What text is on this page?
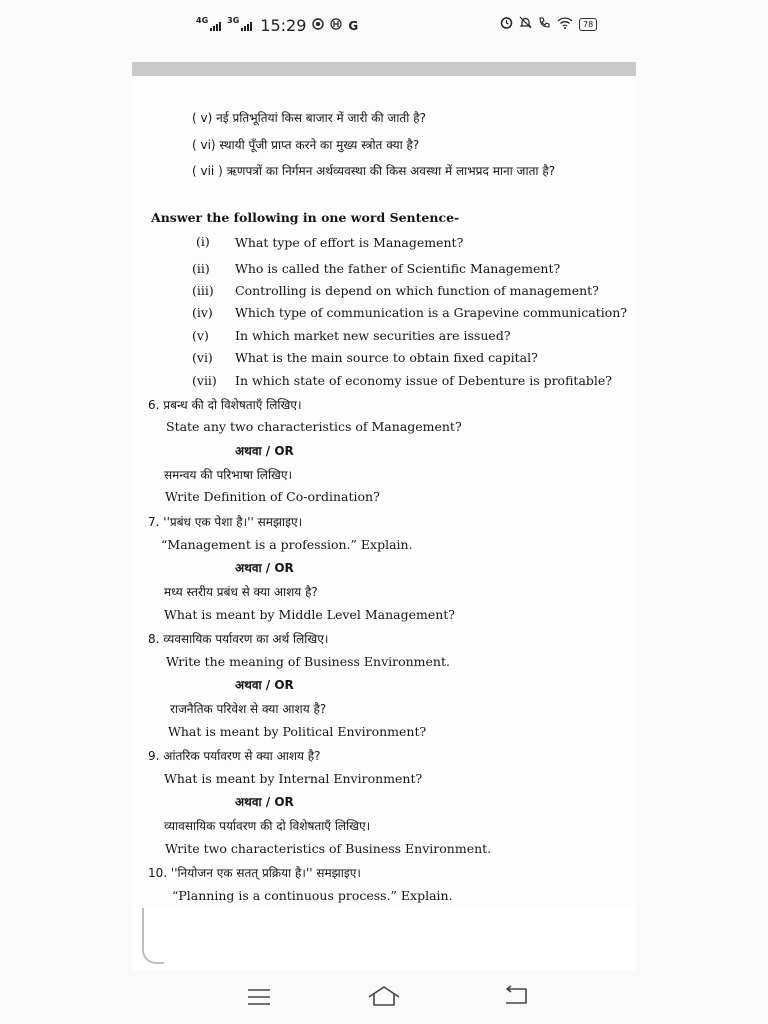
4G 3G 15:29	G	78
( v) नई प्रतिभूतियां किस बाजार में जारी की जाती है?
( vi) स्थायी पूँजी प्राप्त करने का मुख्य स्त्रोत क्या है?
( vii ) ऋणपत्रों का निर्गमन अर्थव्यवस्था की किस अवस्था में लाभप्रद माना जाता है?
Answer the following in one word Sentence-
(i) What type of effort is Management?
(ii) Who is called the father of Scientific Management?
(iii) Controlling is depend on which function of management?
(iv) Which type of communication is a Grapevine communication?
(v) In which market new securities are issued?
(vi) What is the main source to obtain fixed capital?
(vii) In which state of economy issue of Debenture is profitable?
6. प्रबन्ध की दो विशेषताएँ लिखिए।
State any two characteristics of Management?
अथवा / OR
समन्वय की परिभाषा लिखिए।
Write Definition of Co-ordination?
7. ''प्रबंध एक पेशा है।'' समझाइए।
“Management is a profession.” Explain.
अथवा / OR
मध्य स्तरीय प्रबंध से क्या आशय है?
What is meant by Middle Level Management?
8. व्यवसायिक पर्यावरण का अर्थ लिखिए।
Write the meaning of Business Environment.
अथवा / OR
राजनैतिक परिवेश से क्या आशय है?
What is meant by Political Environment?
9. आंतरिक पर्यावरण से क्या आशय है?
What is meant by Internal Environment?
अथवा / OR
व्यावसायिक पर्यावरण की दो विशेषताएँ लिखिए।
Write two characteristics of Business Environment.
10. ''नियोजन एक सतत् प्रक्रिया है।'' समझाइए।
“Planning is a continuous process.” Explain.
